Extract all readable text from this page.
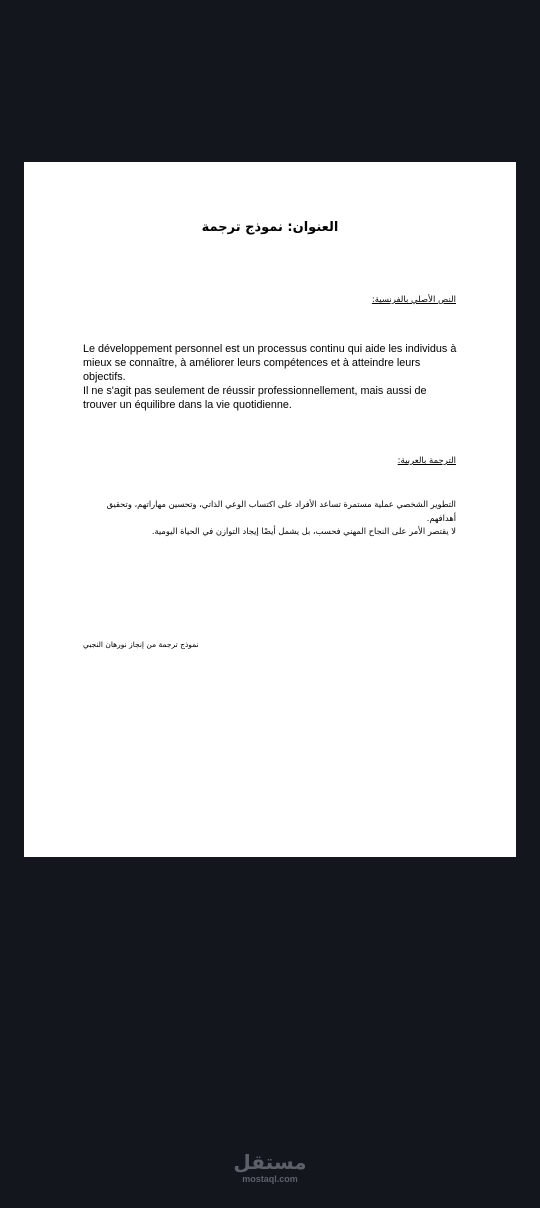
العنوان: نموذج ترجمة
النص الأصلي بالفرنسية:

Le développement personnel est un processus continu qui aide les individus à mieux se connaître, à améliorer leurs compétences et à atteindre leurs objectifs.

Il ne s'agit pas seulement de réussir professionnellement, mais aussi de trouver un équilibre dans la vie quotidienne.

الترجمة بالعربية:

التطوير الشخصي عملية مستمرة تساعد الأفراد على اكتساب الوعي الذاتي، وتحسين مهاراتهم، وتحقيق أهدافهم.

لا يقتصر الأمر على النجاح المهني فحسب، بل يشمل أيضًا إيجاد التوازن في الحياة اليومية.

نموذج ترجمة من إنجاز نورهان النجبي
مستقل
mostaql.com
